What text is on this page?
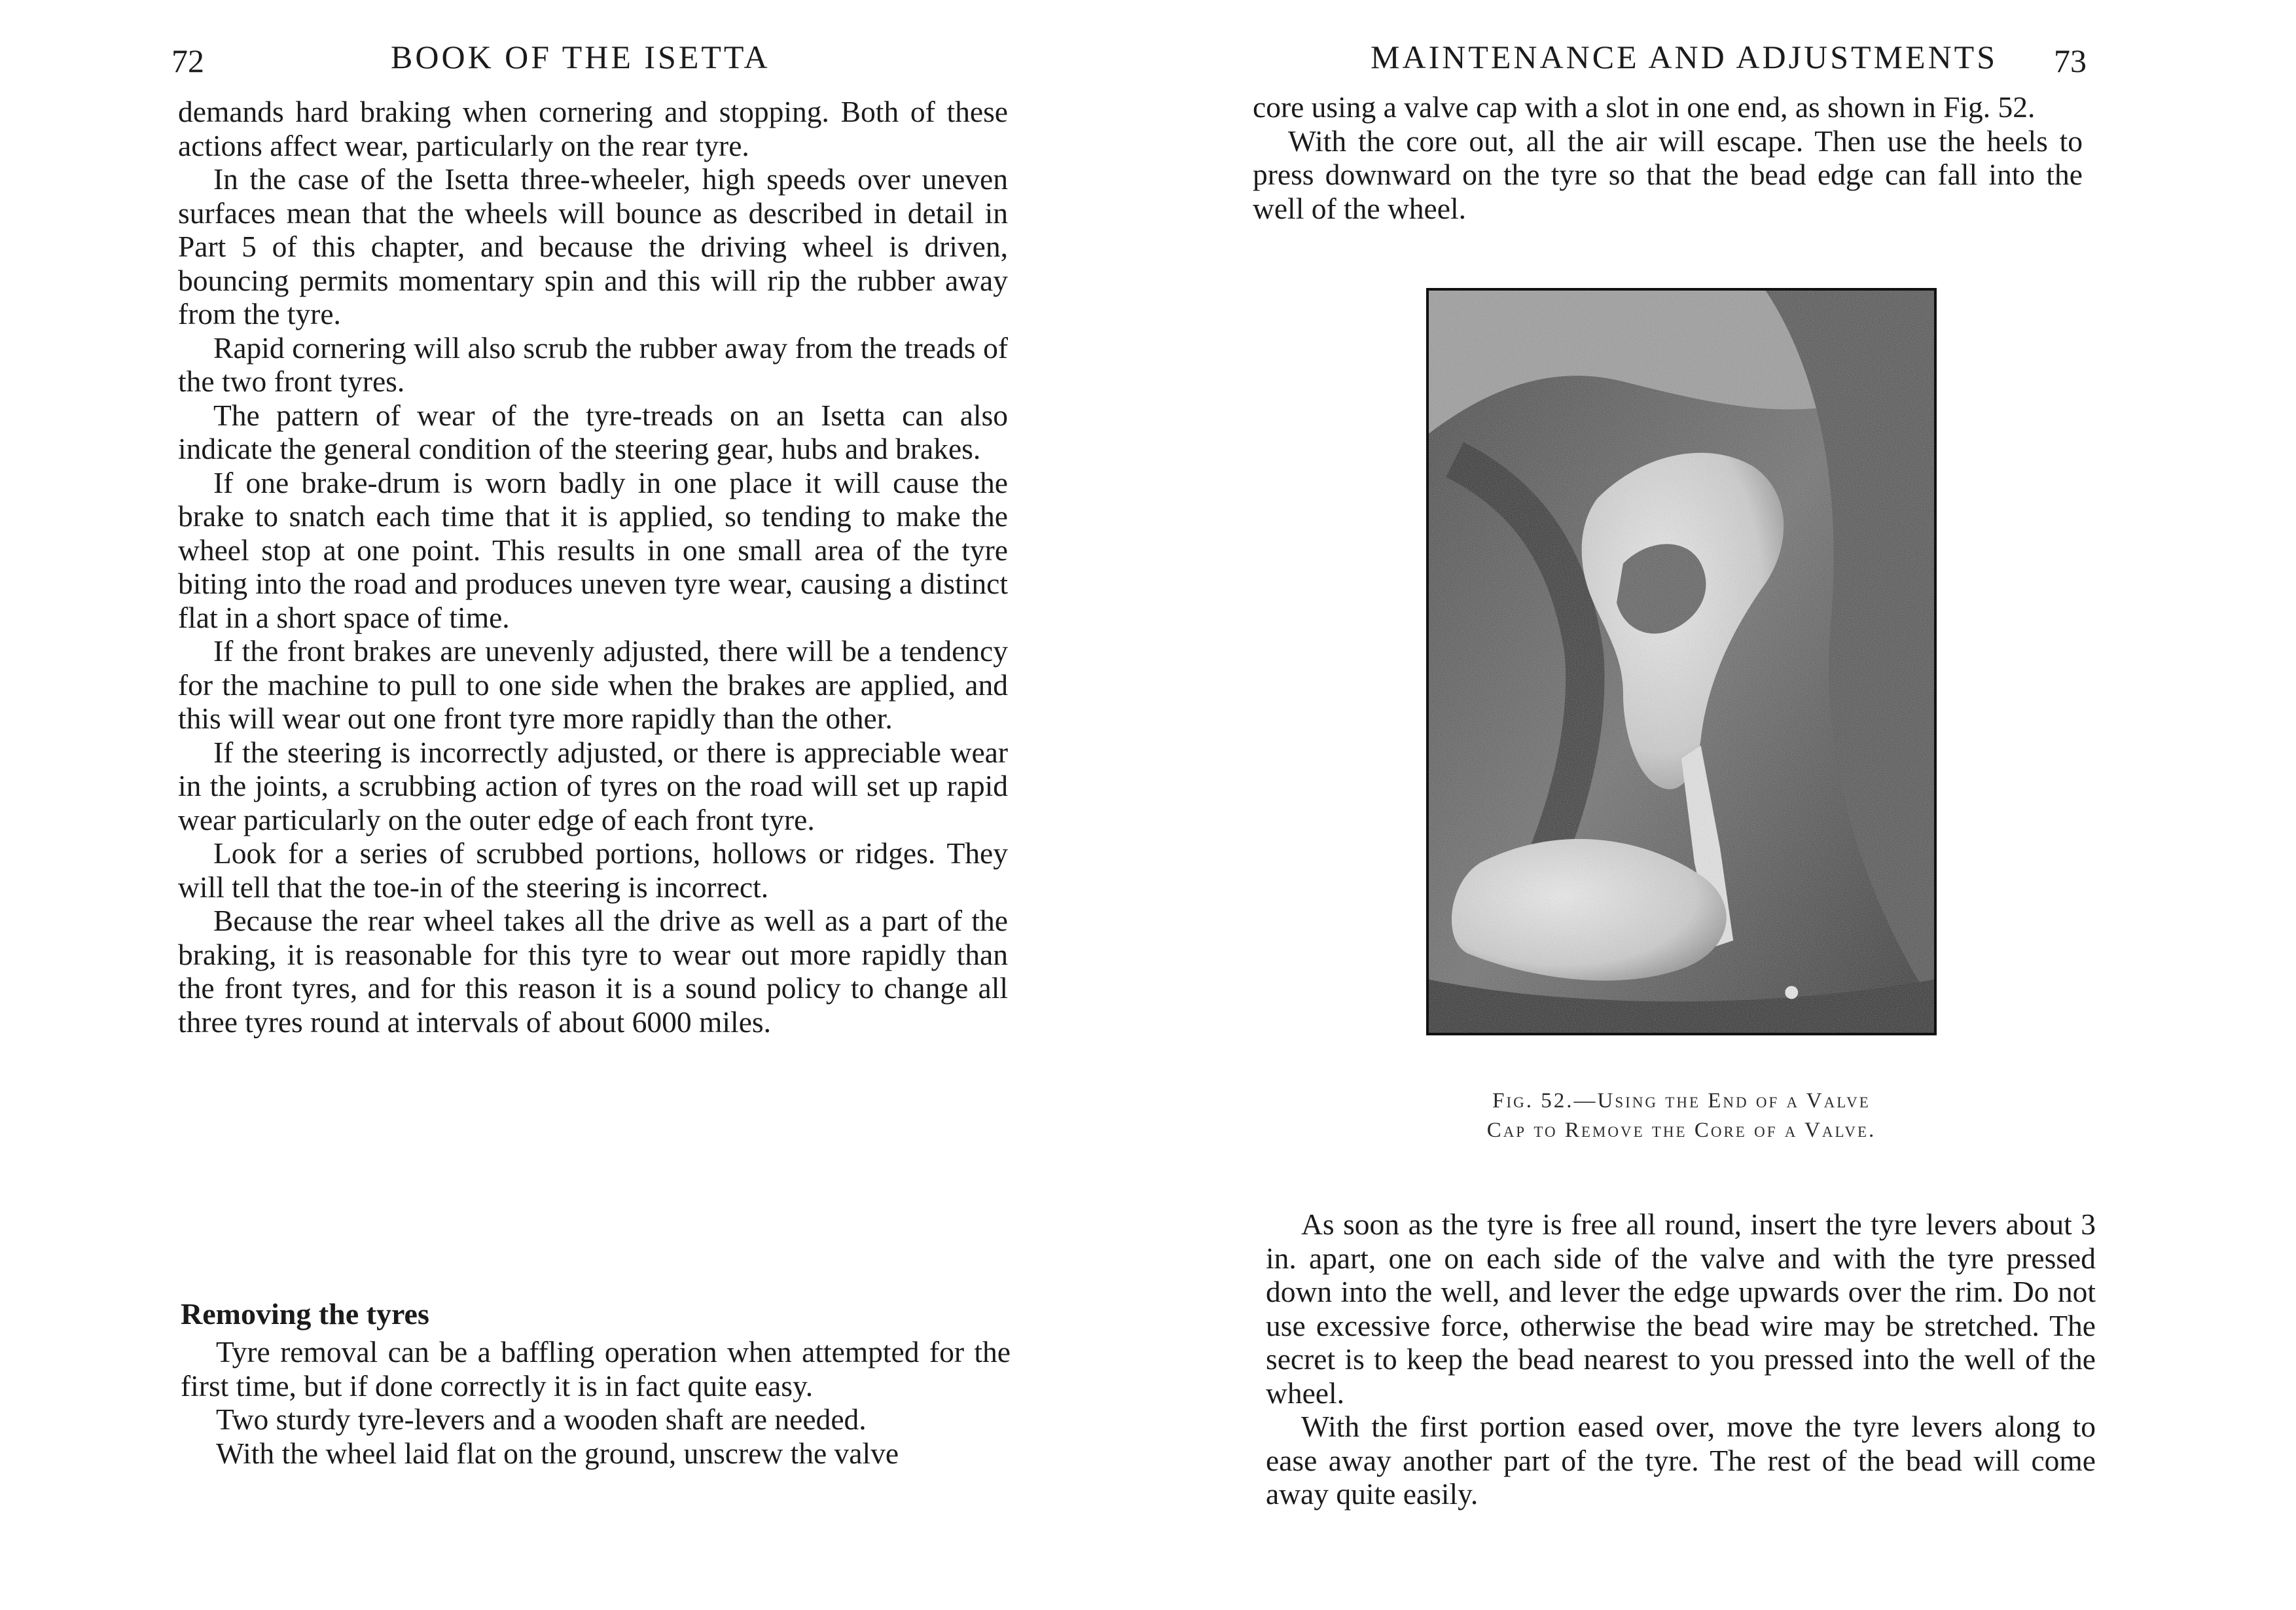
72	BOOK OF THE ISETTA

demands hard braking when cornering and stopping. Both of these actions affect wear, particularly on the rear tyre.

In the case of the Isetta three-wheeler, high speeds over uneven surfaces mean that the wheels will bounce as described in detail in Part 5 of this chapter, and because the driving wheel is driven, bouncing permits momentary spin and this will rip the rubber away from the tyre.

Rapid cornering will also scrub the rubber away from the treads of the two front tyres.

The pattern of wear of the tyre-treads on an Isetta can also indicate the general condition of the steering gear, hubs and brakes.

If one brake-drum is worn badly in one place it will cause the brake to snatch each time that it is applied, so tending to make the wheel stop at one point. This results in one small area of the tyre biting into the road and produces uneven tyre wear, causing a distinct flat in a short space of time.

If the front brakes are unevenly adjusted, there will be a tendency for the machine to pull to one side when the brakes are applied, and this will wear out one front tyre more rapidly than the other.

If the steering is incorrectly adjusted, or there is appreciable wear in the joints, a scrubbing action of tyres on the road will set up rapid wear particularly on the outer edge of each front tyre.

Look for a series of scrubbed portions, hollows or ridges. They will tell that the toe-in of the steering is incorrect.

Because the rear wheel takes all the drive as well as a part of the braking, it is reasonable for this tyre to wear out more rapidly than the front tyres, and for this reason it is a sound policy to change all three tyres round at intervals of about 6000 miles.

Removing the tyres

Tyre removal can be a baffling operation when attempted for the first time, but if done correctly it is in fact quite easy.

Two sturdy tyre-levers and a wooden shaft are needed.

With the wheel laid flat on the ground, unscrew the valve

MAINTENANCE AND ADJUSTMENTS 73

core using a valve cap with a slot in one end, as shown in Fig. 52.

With the core out, all the air will escape. Then use the heels to press downward on the tyre so that the bead edge can fall into the well of the wheel.

Fig. 52.—Using the End of a Valve
Cap to Remove the Core of a Valve.

As soon as the tyre is free all round, insert the tyre levers about 3 in. apart, one on each side of the valve and with the tyre pressed down into the well, and lever the edge upwards over the rim. Do not use excessive force, otherwise the bead wire may be stretched. The secret is to keep the bead nearest to you pressed into the well of the wheel.

With the first portion eased over, move the tyre levers along to ease away another part of the tyre. The rest of the bead will come away quite easily.
